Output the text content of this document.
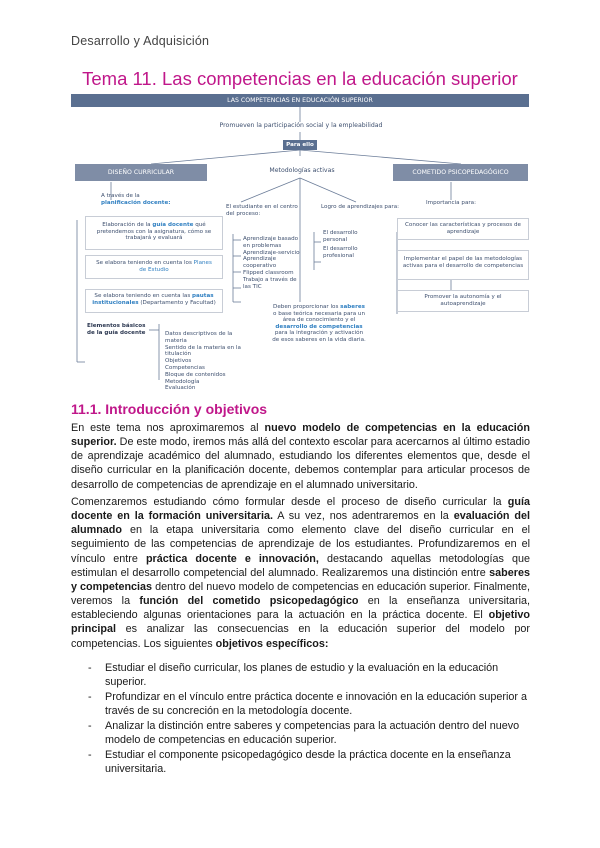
Desarrollo y Adquisición
Tema 11. Las competencias en la educación superior
LAS COMPETENCIAS EN EDUCACIÓN SUPERIOR
Promueven la participación social y la empleabilidad
Para ello
DISEÑO CURRICULAR	Metodologías activas	COMETIDO PSICOPEDAGÓGICO
A través de la
planificación docente:
Elaboración de la guía docente qué pretendemos con la asignatura, cómo se trabajará y evaluará
Se elabora teniendo en cuenta los Planes de Estudio
Se elabora teniendo en cuenta las pautas institucionales (Departamento y Facultad)
Elementos básicos de la guía docente	Datos descriptivos de la materia
Sentido de la materia en la titulación
Objetivos
Competencias
Bloque de contenidos
Metodología
Evaluación
El estudiante en el centro del proceso:
Aprendizaje basado en problemas
Aprendizaje-servicio
Aprendizaje cooperativo
Flipped classroom
Trabajo a través de las TIC
Logro de aprendizajes para:
El desarrollo personal
El desarrollo profesional
Deben proporcionar los saberes o base teórica necesaria para un área de conocimiento y el desarrollo de competencias para la integración y activación de esos saberes en la vida diaria.
Importancia para:
Conocer las características y procesos de aprendizaje
Implementar el papel de las metodologías activas para el desarrollo de competencias
Promover la autonomía y el autoaprendizaje
11.1. Introducción y objetivos
En este tema nos aproximaremos al nuevo modelo de competencias en la educación superior. De este modo, iremos más allá del contexto escolar para acercarnos al último estadio de aprendizaje académico del alumnado, estudiando los diferentes elementos que, desde el diseño curricular en la planificación docente, debemos contemplar para articular procesos de desarrollo de competencias de aprendizaje en el alumnado universitario.
Comenzaremos estudiando cómo formular desde el proceso de diseño curricular la guía docente en la formación universitaria. A su vez, nos adentraremos en la evaluación del alumnado en la etapa universitaria como elemento clave del diseño curricular en el seguimiento de las competencias de aprendizaje de los estudiantes. Profundizaremos en el vínculo entre práctica docente e innovación, destacando aquellas metodologías que estimulan el desarrollo competencial del alumnado. Realizaremos una distinción entre saberes y competencias dentro del nuevo modelo de competencias en educación superior. Finalmente, veremos la función del cometido psicopedagógico en la enseñanza universitaria, estableciendo algunas orientaciones para la actuación en la práctica docente. El objetivo principal es analizar las consecuencias en la educación superior del modelo por competencias. Los siguientes objetivos específicos:
- Estudiar el diseño curricular, los planes de estudio y la evaluación en la educación superior.
- Profundizar en el vínculo entre práctica docente e innovación en la educación superior a través de su concreción en la metodología docente.
- Analizar la distinción entre saberes y competencias para la actuación dentro del nuevo modelo de competencias en educación superior.
- Estudiar el componente psicopedagógico desde la práctica docente en la enseñanza universitaria.
